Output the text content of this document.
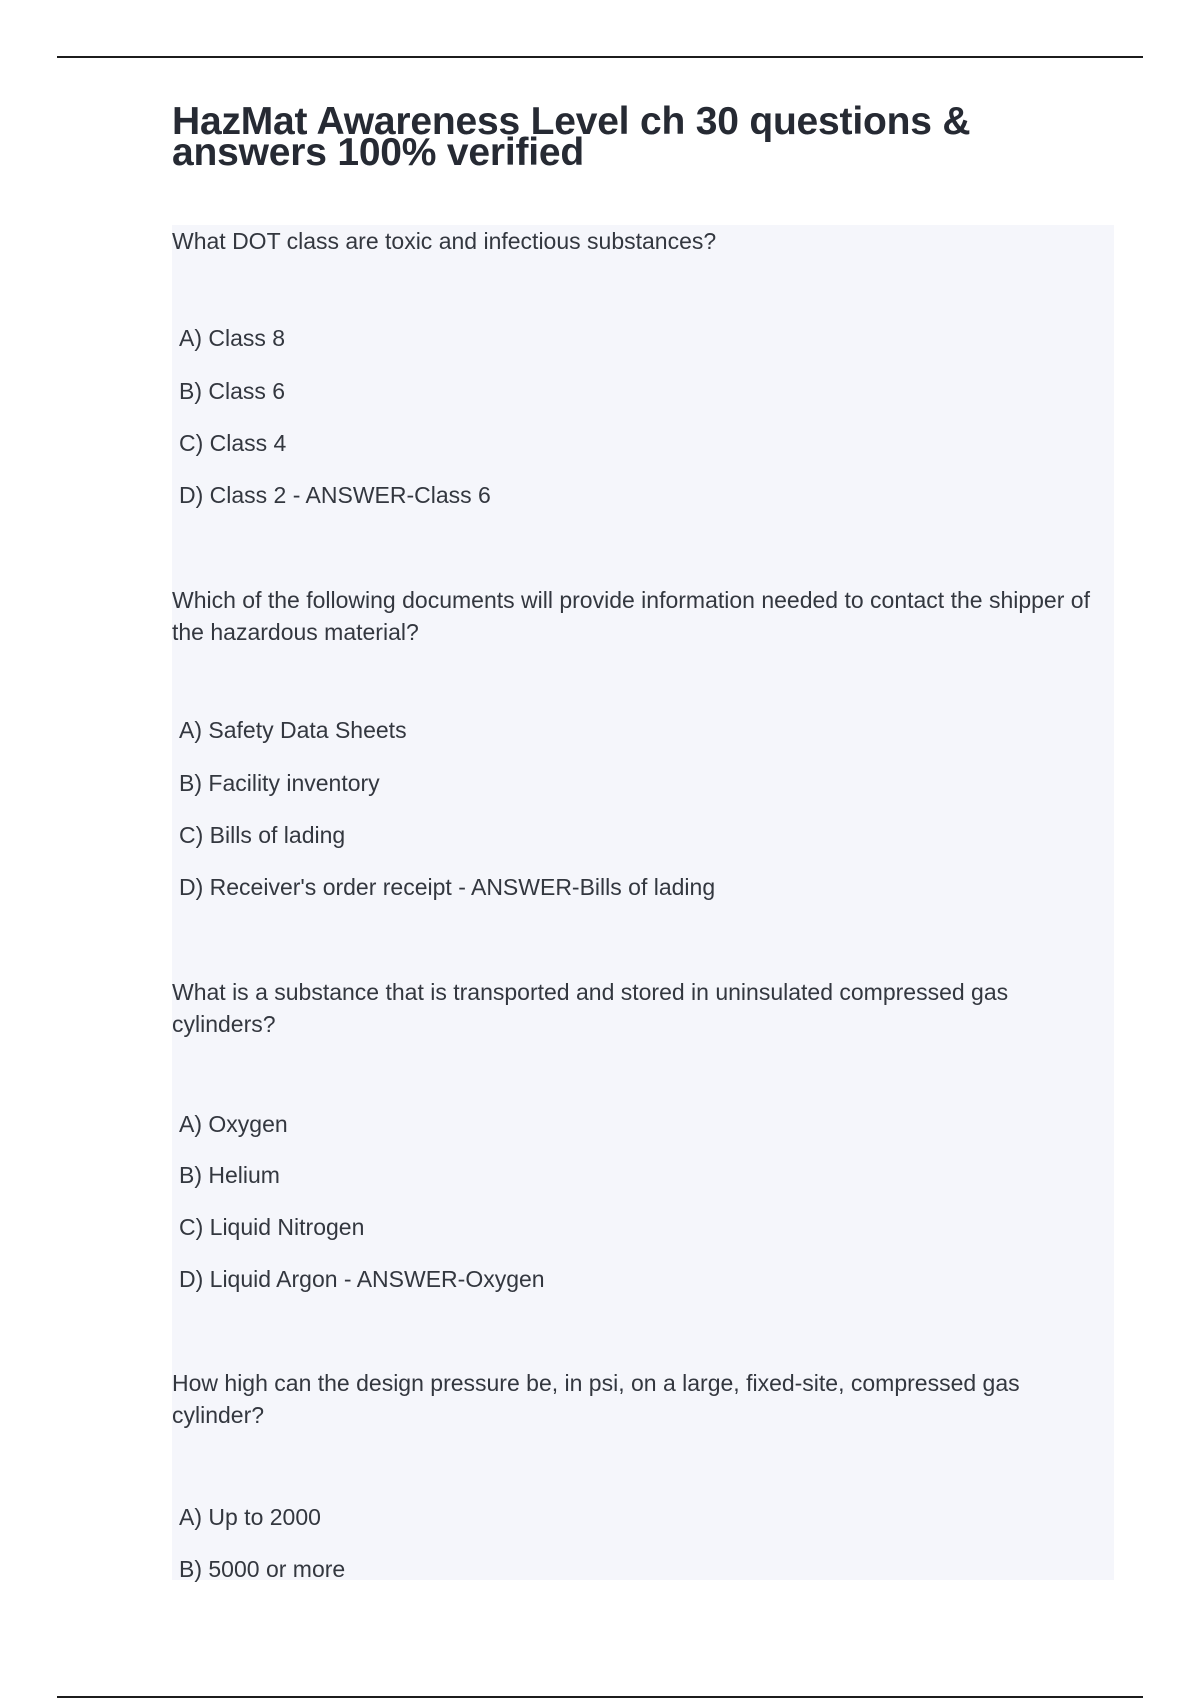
HazMat Awareness Level ch 30 questions & answers 100% verified

What DOT class are toxic and infectious substances?

A) Class 8
B) Class 6
C) Class 4
D) Class 2 - ANSWER-Class 6

Which of the following documents will provide information needed to contact the shipper of the hazardous material?

A) Safety Data Sheets
B) Facility inventory
C) Bills of lading
D) Receiver's order receipt - ANSWER-Bills of lading

What is a substance that is transported and stored in uninsulated compressed gas cylinders?

A) Oxygen
B) Helium
C) Liquid Nitrogen
D) Liquid Argon - ANSWER-Oxygen

How high can the design pressure be, in psi, on a large, fixed-site, compressed gas cylinder?

A) Up to 2000
B) 5000 or more
